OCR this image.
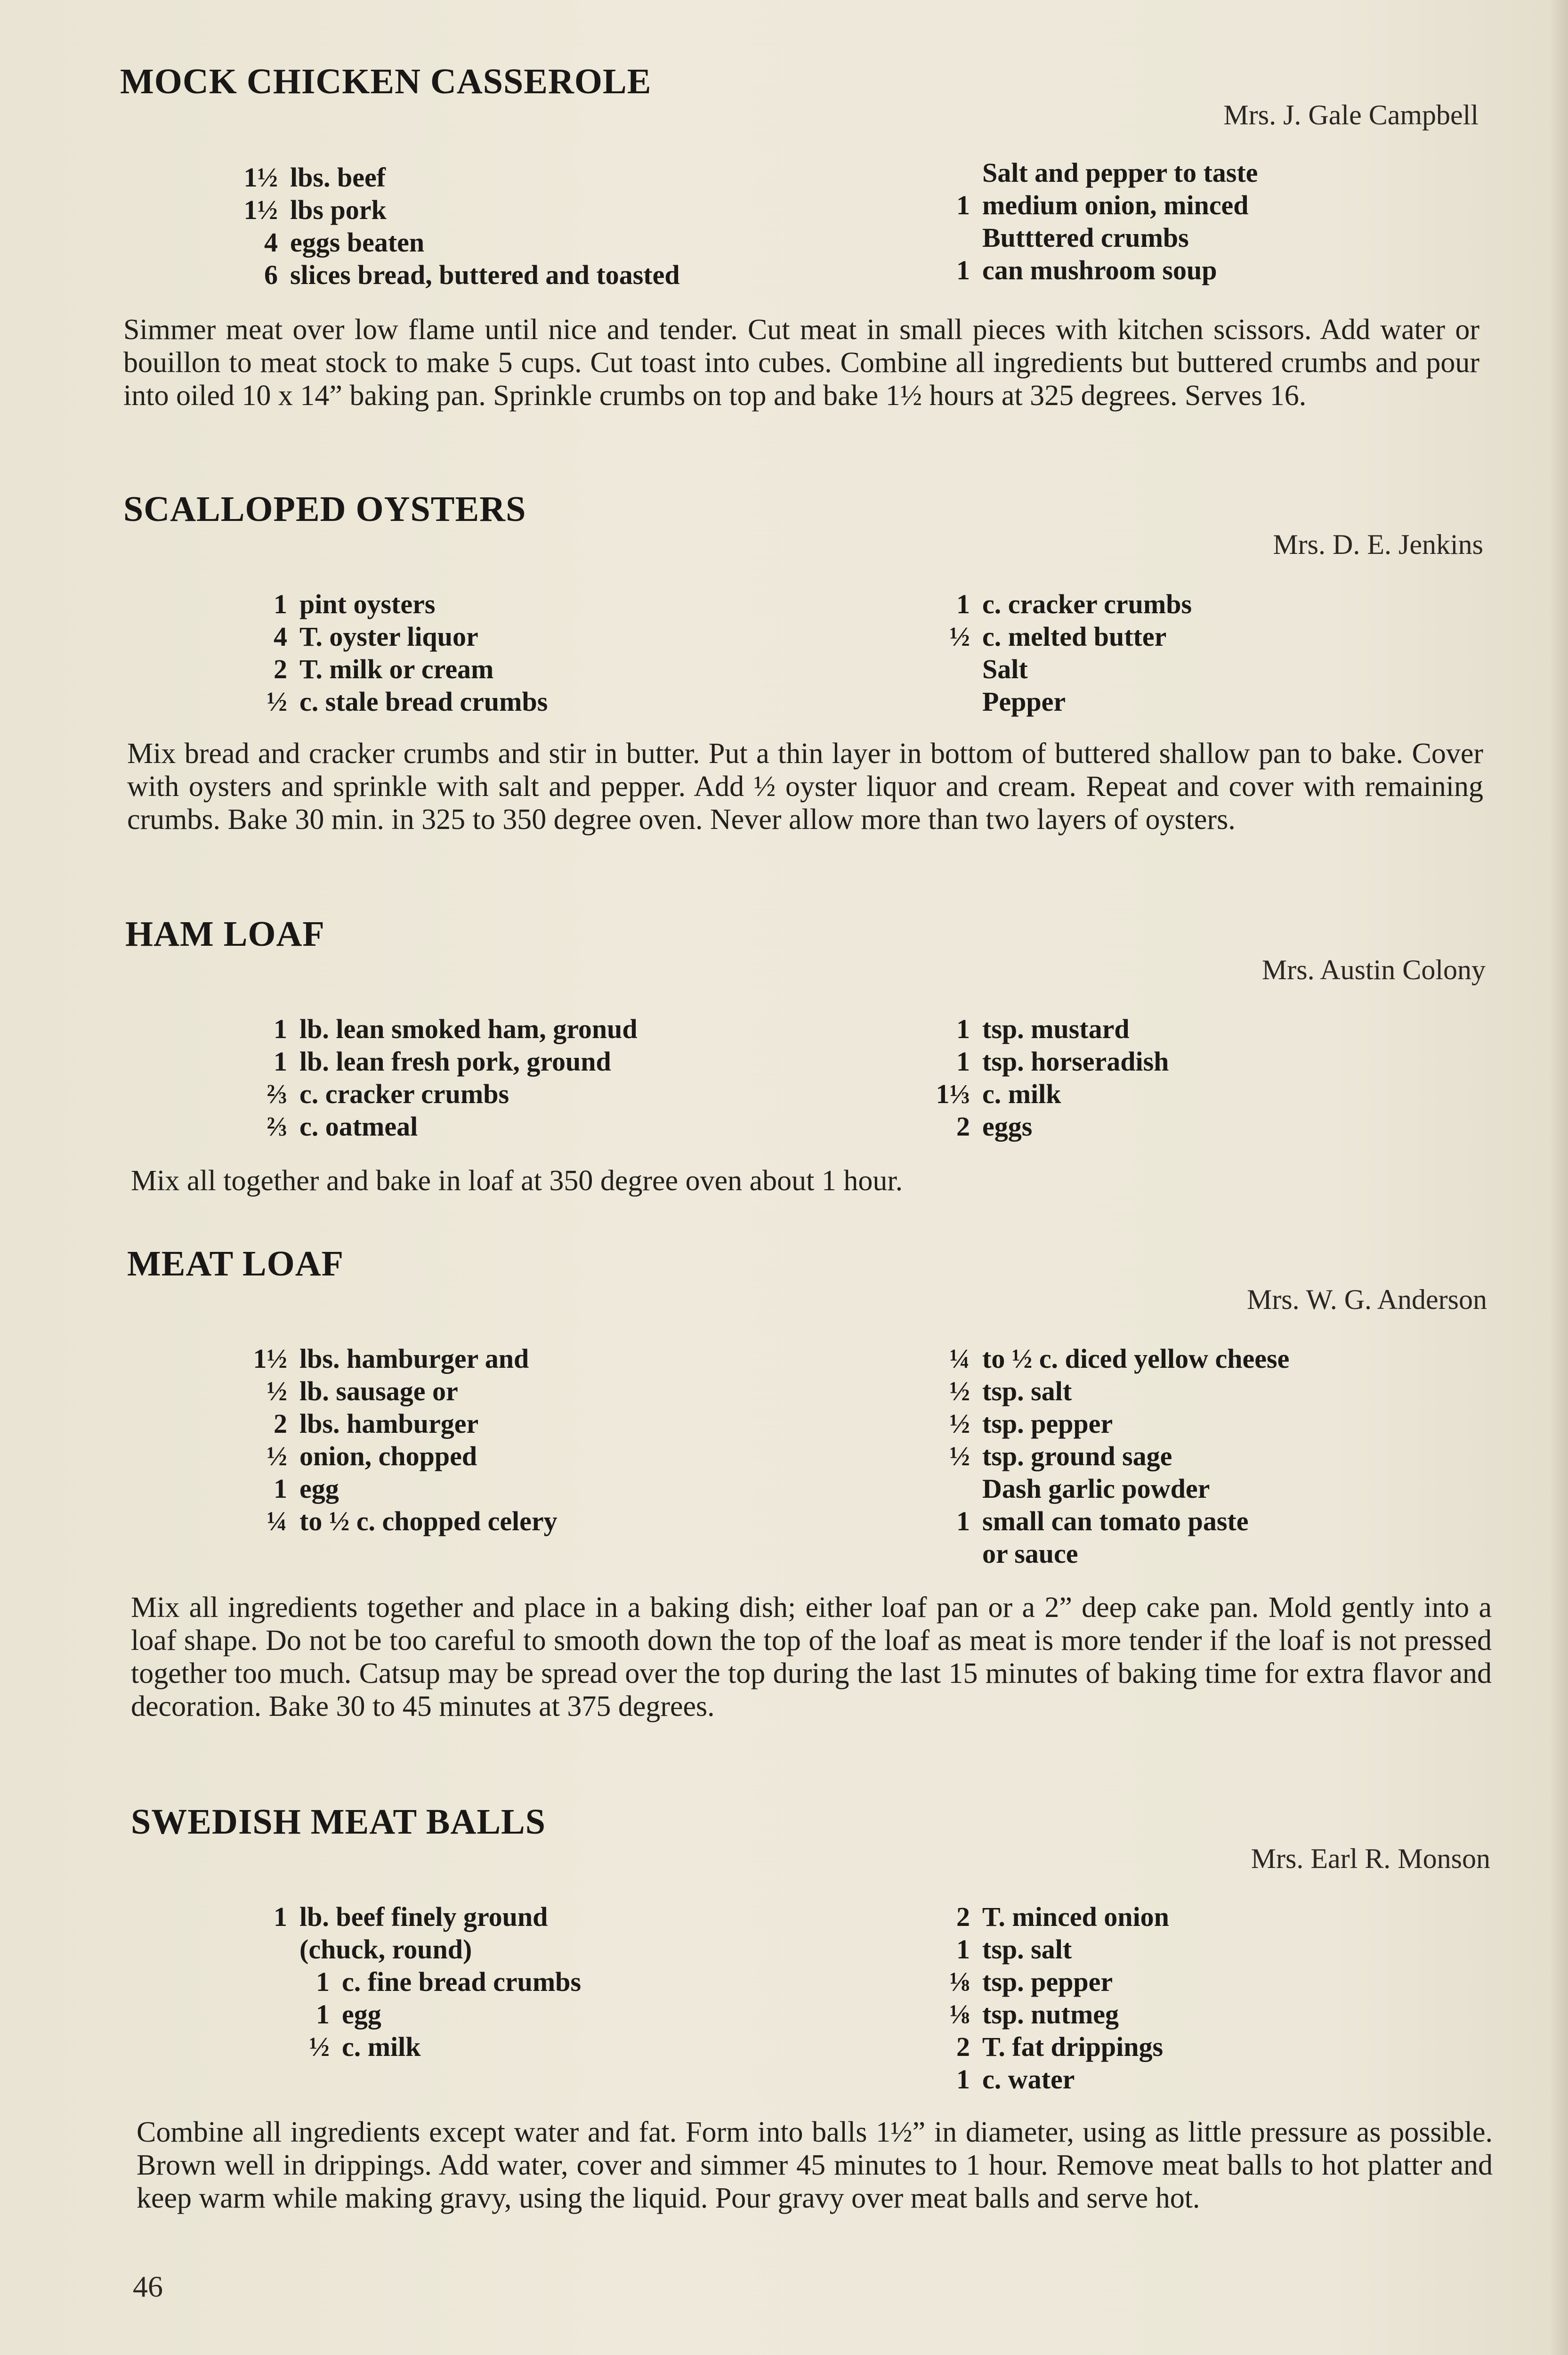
MOCK CHICKEN CASSEROLE
Mrs. J. Gale Campbell
1½ lbs. beef
1½ lbs pork
4 eggs beaten
6 slices bread, buttered and toasted
Salt and pepper to taste
1 medium onion, minced
Butttered crumbs
1 can mushroom soup
Simmer meat over low flame until nice and tender. Cut meat in small pieces with kitchen scissors. Add water or bouillon to meat stock to make 5 cups. Cut toast into cubes. Combine all ingredients but buttered crumbs and pour into oiled 10 x 14” baking pan. Sprinkle crumbs on top and bake 1½ hours at 325 degrees. Serves 16.
SCALLOPED OYSTERS
Mrs. D. E. Jenkins
1 pint oysters
4 T. oyster liquor
2 T. milk or cream
½ c. stale bread crumbs
1 c. cracker crumbs
½ c. melted butter
Salt
Pepper
Mix bread and cracker crumbs and stir in butter. Put a thin layer in bottom of buttered shallow pan to bake. Cover with oysters and sprinkle with salt and pepper. Add ½ oyster liquor and cream. Repeat and cover with remaining crumbs. Bake 30 min. in 325 to 350 degree oven. Never allow more than two layers of oysters.
HAM LOAF
Mrs. Austin Colony
1 lb. lean smoked ham, gronud
1 lb. lean fresh pork, ground
⅔ c. cracker crumbs
⅔ c. oatmeal
1 tsp. mustard
1 tsp. horseradish
1⅓ c. milk
2 eggs
Mix all together and bake in loaf at 350 degree oven about 1 hour.
MEAT LOAF
Mrs. W. G. Anderson
1½ lbs. hamburger and
½ lb. sausage or
2 lbs. hamburger
½ onion, chopped
1 egg
¼ to ½ c. chopped celery
¼ to ½ c. diced yellow cheese
½ tsp. salt
½ tsp. pepper
½ tsp. ground sage
Dash garlic powder
1 small can tomato paste
or sauce
Mix all ingredients together and place in a baking dish; either loaf pan or a 2” deep cake pan. Mold gently into a loaf shape. Do not be too careful to smooth down the top of the loaf as meat is more tender if the loaf is not pressed together too much. Catsup may be spread over the top during the last 15 minutes of baking time for extra flavor and decoration. Bake 30 to 45 minutes at 375 degrees.
SWEDISH MEAT BALLS
Mrs. Earl R. Monson
1 lb. beef finely ground
(chuck, round)
1 c. fine bread crumbs
1 egg
½ c. milk
2 T. minced onion
1 tsp. salt
⅛ tsp. pepper
⅛ tsp. nutmeg
2 T. fat drippings
1 c. water
Combine all ingredients except water and fat. Form into balls 1½” in diameter, using as little pressure as possible. Brown well in drippings. Add water, cover and simmer 45 minutes to 1 hour. Remove meat balls to hot platter and keep warm while making gravy, using the liquid. Pour gravy over meat balls and serve hot.
46
